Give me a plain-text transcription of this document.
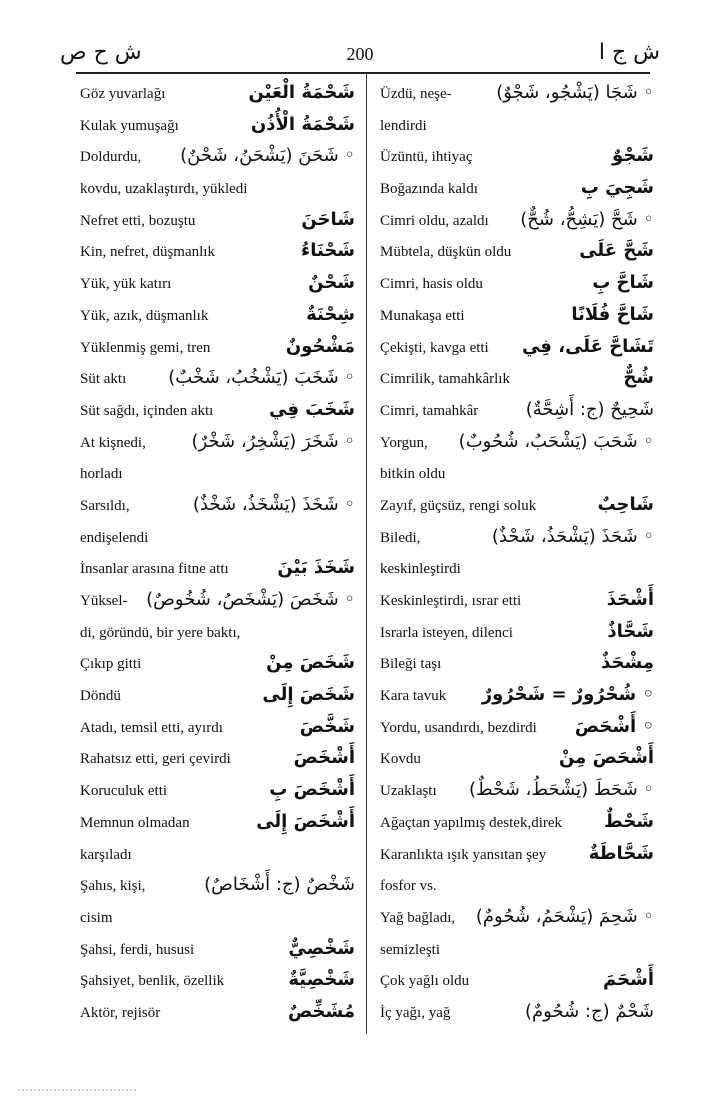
ش ح ص	200	ش ج ا
Göz yuvarlağı	شَحْمَةُ الْعَيْن
Kulak yumuşağı	شَحْمَةُ الْأُذُن
Doldurdu, ◦ شَحَنَ (يَشْحَنُ، شَحْنٌ)
kovdu, uzaklaştırdı, yükledi
Nefret etti, bozuştu	شَاحَنَ
Kin, nefret, düşmanlık	شَحْنَاءُ
Yük, yük katırı	شَحْنٌ
Yük, azık, düşmanlık	شِحْنَةٌ
Yüklenmiş gemi, tren	مَشْحُونٌ
Süt aktı ◦ شَخَبَ (يَشْخُبُ، شَخْبٌ)
Süt sağdı, içinden aktı	شَخَبَ فِي
At kişnedi,	◦ شَخَرَ (يَشْخِرُ، شَخْرٌ)
horladı
Sarsıldı,	◦ شَخَذَ (يَشْخَذُ، شَخْذٌ)
endişelendi
İnsanlar arasına fitne attı	شَخَذَ بَيْنَ
Yüksel- ◦ شَخَصَ (يَشْخَصُ، شُخُوصٌ)
di, göründü, bir yere baktı,
Çıkıp gitti	شَخَصَ مِنْ
Döndü	شَخَصَ إِلَى
Atadı, temsil etti, ayırdı	شَخَّصَ
Rahatsız etti, geri çevirdi	أَشْخَصَ
Koruculuk etti	أَشْخَصَ بِ
Memnun olmadan	أَشْخَصَ إِلَى
karşıladı
Şahıs, kişi,	شَخْصٌ (ج: أَشْخَاصٌ)
cisim
Şahsi, ferdi, hususi	شَخْصِيٌّ
Şahsiyet, benlik, özellik	شَخْصِيَّةٌ
Aktör, rejisör	مُشَخِّصٌ
Üzdü, neşe- ◦ شَجَا (يَشْجُو، شَجْوٌ)
lendirdi
Üzüntü, ihtiyaç	شَجْوٌ
Boğazında kaldı	شَجِيَ بِ
Cimri oldu, azaldı ◦ شَحَّ (يَشِحُّ، شُحٌّ)
Mübtela, düşkün oldu	شَحَّ عَلَى
Cimri, hasis oldu	شَاحَّ بِ
Munakaşa etti	شَاحَّ فُلَانًا
Çekişti, kavga etti تَشَاحَّ عَلَى، فِي
Cimrilik, tamahkârlık	شُحٌّ
Cimri, tamahkâr	شَحِيحٌ (ج: أَشِحَّةٌ)
Yorgun, ◦ شَحَبَ (يَشْحَبُ، شُحُوبٌ)
bitkin oldu
Zayıf, güçsüz, rengi soluk	شَاحِبٌ
Biledi,	◦ شَحَذَ (يَشْحَذُ، شَحْذٌ)
keskinleştirdi
Keskinleştirdi, ısrar etti	أَشْحَذَ
Israrla isteyen, dilenci	شَحَّاذٌ
Bileği taşı	مِشْحَذٌ
Kara tavuk ◦ شُحْرُورٌ = شَحْرُورٌ
Yordu, usandırdı, bezdirdi ◦ أَشْحَصَ
Kovdu	أَشْحَصَ مِنْ
Uzaklaştı ◦ شَحَطَ (يَشْحَطُ، شَحْطٌ)
Ağaçtan yapılmış destek,direk شَحْطٌ
Karanlıkta ışık yansıtan şey شَحَّاطَةٌ
fosfor vs.
Yağ bağladı, ◦ شَحِمَ (يَشْحَمُ، شُحُومٌ)
semizleşti
Çok yağlı oldu	أَشْحَمَ
İç yağı, yağ	شَحْمٌ (ج: شُحُومٌ)
